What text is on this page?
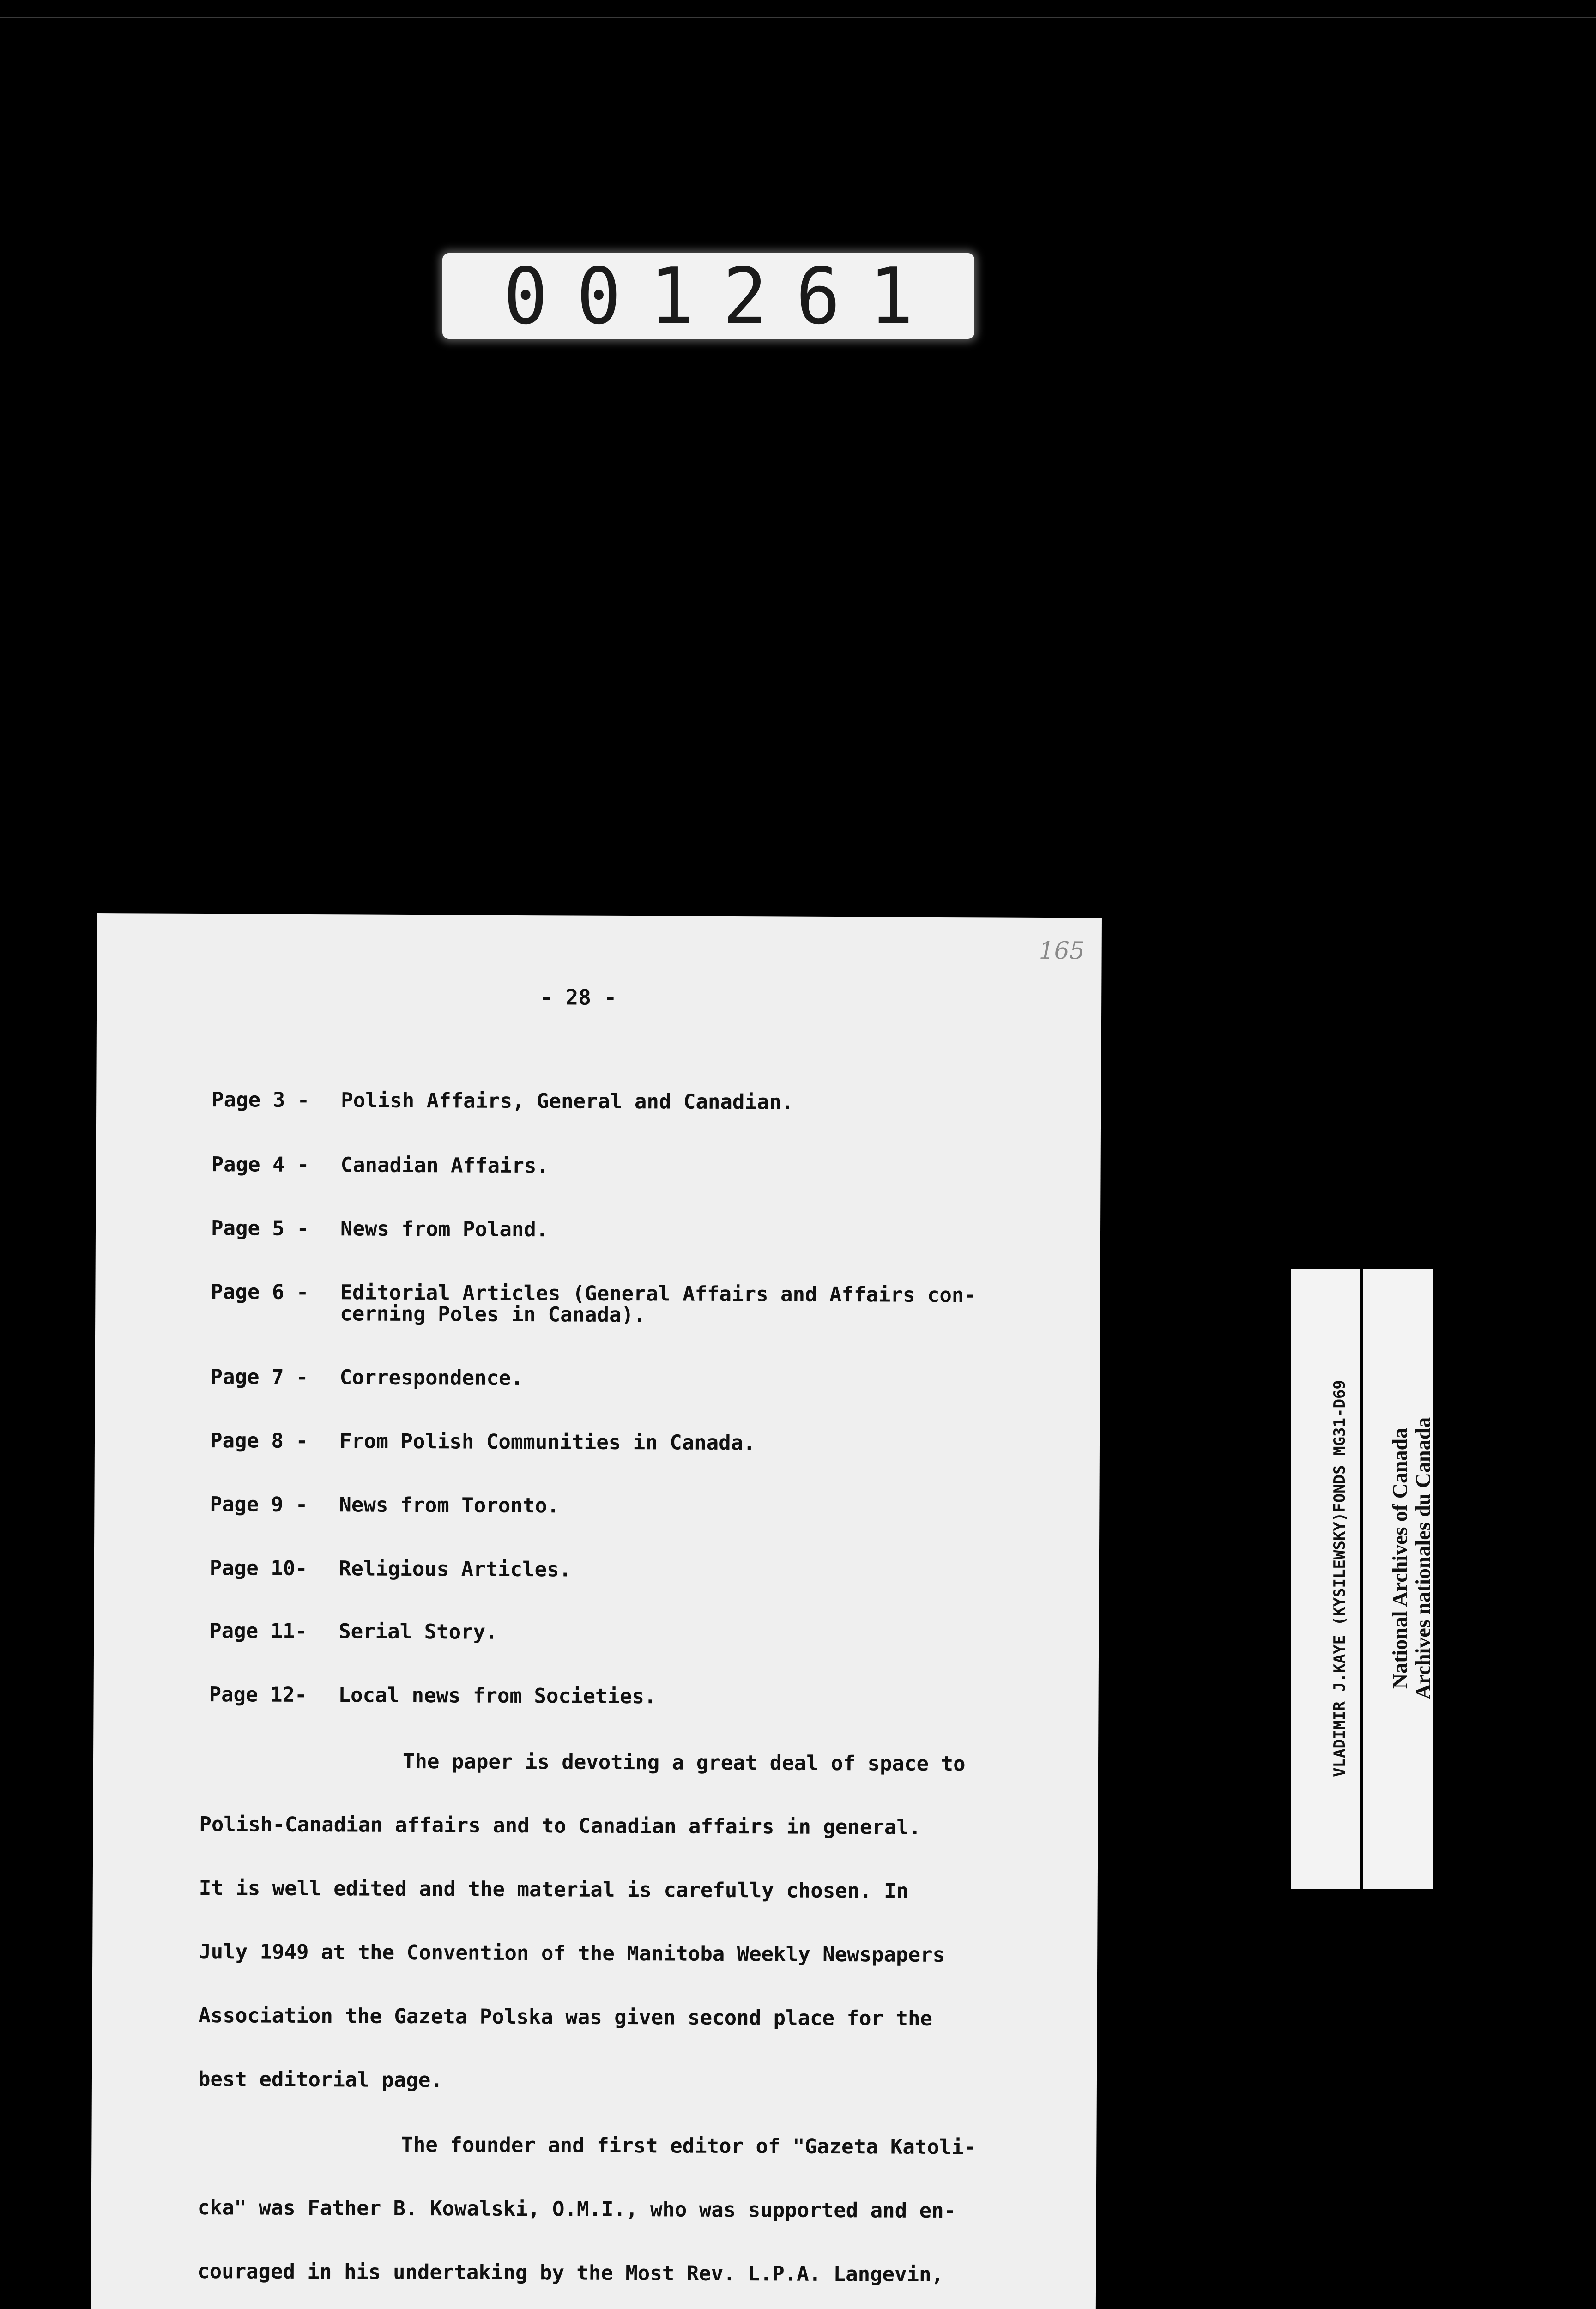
001261
165
- 28 -
Page 3 - Polish Affairs, General and Canadian.
Page 4 - Canadian Affairs.
Page 5 - News from Poland.
Page 6 - Editorial Articles (General Affairs and Affairs con-
cerning Poles in Canada).
Page 7 - Correspondence.
Page 8 - From Polish Communities in Canada.
Page 9 - News from Toronto.
Page 10- Religious Articles.
Page 11- Serial Story.
Page 12- Local news from Societies.
The paper is devoting a great deal of space to
Polish-Canadian affairs and to Canadian affairs in general.
It is well edited and the material is carefully chosen. In
July 1949 at the Convention of the Manitoba Weekly Newspapers
Association the Gazeta Polska was given second place for the
best editorial page.
The founder and first editor of "Gazeta Katoli-
cka" was Father B. Kowalski, O.M.I., who was supported and en-
couraged in his undertaking by the Most Rev. L.P.A. Langevin,
VLADIMIR J.KAYE (KYSILEWSKY)FONDS MG31-D69 National Archives of Canada Archives nationales du Canada
